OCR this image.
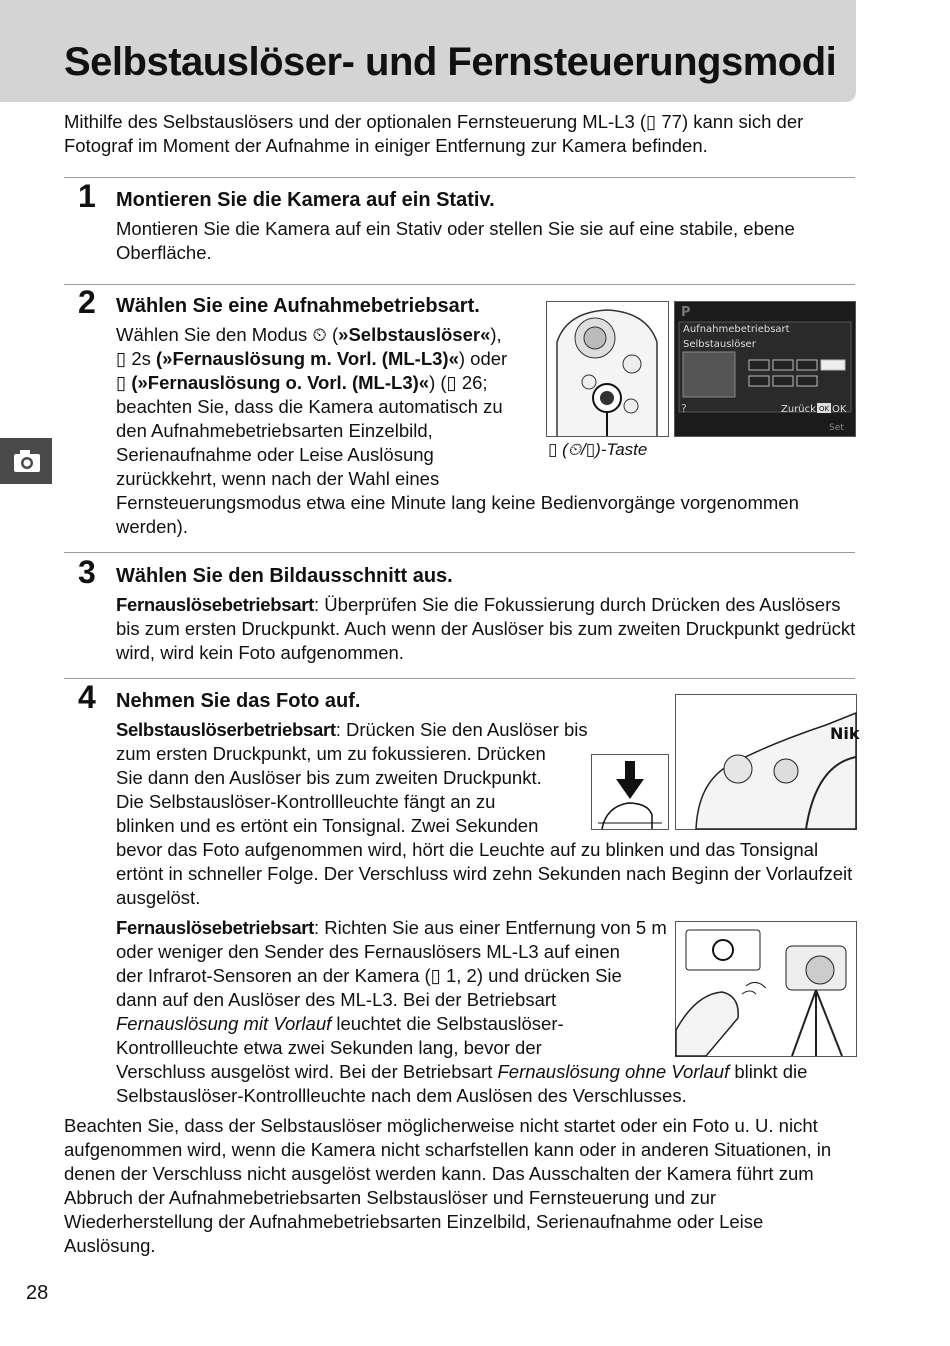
Selbstauslöser- und Fernsteuerungsmodi

Mithilfe des Selbstauslösers und der optionalen Fernsteuerung ML-L3 (▯ 77) kann sich der Fotograf im Moment der Aufnahme in einiger Entfernung zur Kamera befinden.

1 Montieren Sie die Kamera auf ein Stativ.

Montieren Sie die Kamera auf ein Stativ oder stellen Sie sie auf eine stabile, ebene Oberfläche.

2 Wählen Sie eine Aufnahmebetriebsart.

Wählen Sie den Modus ⏲ (»Selbstauslöser«),
▯ 2s (»Fernauslösung m. Vorl. (ML-L3)«) oder
▯ (»Fernauslösung o. Vorl. (ML-L3)«) (▯ 26;
beachten Sie, dass die Kamera automatisch zu
den Aufnahmebetriebsarten Einzelbild,
Serienaufnahme oder Leise Auslösung
zurückkehrt, wenn nach der Wahl eines

Fernsteuerungsmodus etwa eine Minute lang keine Bedienvorgänge vorgenommen werden).

P
Aufnahmebetriebsart
Selbstauslöser
?	Zurück OK OK
Set

▯ (⏲/▯)-Taste

3 Wählen Sie den Bildausschnitt aus.

Fernauslösebetriebsart: Überprüfen Sie die Fokussierung durch Drücken des Auslösers bis zum ersten Druckpunkt. Auch wenn der Auslöser bis zum zweiten Druckpunkt gedrückt wird, wird kein Foto aufgenommen.

4 Nehmen Sie das Foto auf.

Selbstauslöserbetriebsart: Drücken Sie den Auslöser bis
zum ersten Druckpunkt, um zu fokussieren. Drücken
Sie dann den Auslöser bis zum zweiten Druckpunkt.
Die Selbstauslöser-Kontrollleuchte fängt an zu
blinken und es ertönt ein Tonsignal. Zwei Sekunden

bevor das Foto aufgenommen wird, hört die Leuchte auf zu blinken und das Tonsignal ertönt in schneller Folge. Der Verschluss wird zehn Sekunden nach Beginn der Vorlaufzeit ausgelöst.

Nik
Fernauslösebetriebsart: Richten Sie aus einer Entfernung von 5 m
oder weniger den Sender des Fernauslösers ML-L3 auf einen
der Infrarot-Sensoren an der Kamera (▯ 1, 2) und drücken Sie
dann auf den Auslöser des ML-L3. Bei der Betriebsart
Fernauslösung mit Vorlauf leuchtet die Selbstauslöser-
Kontrollleuchte etwa zwei Sekunden lang, bevor der
Verschluss ausgelöst wird. Bei der Betriebsart Fernauslösung ohne Vorlauf blinkt die
Selbstauslöser-Kontrollleuchte nach dem Auslösen des Verschlusses.

Beachten Sie, dass der Selbstauslöser möglicherweise nicht startet oder ein Foto u. U. nicht aufgenommen wird, wenn die Kamera nicht scharfstellen kann oder in anderen Situationen, in denen der Verschluss nicht ausgelöst werden kann. Das Ausschalten der Kamera führt zum Abbruch der Aufnahmebetriebsarten Selbstauslöser und Fernsteuerung und zur Wiederherstellung der Aufnahmebetriebsarten Einzelbild, Serienaufnahme oder Leise Auslösung.

28
